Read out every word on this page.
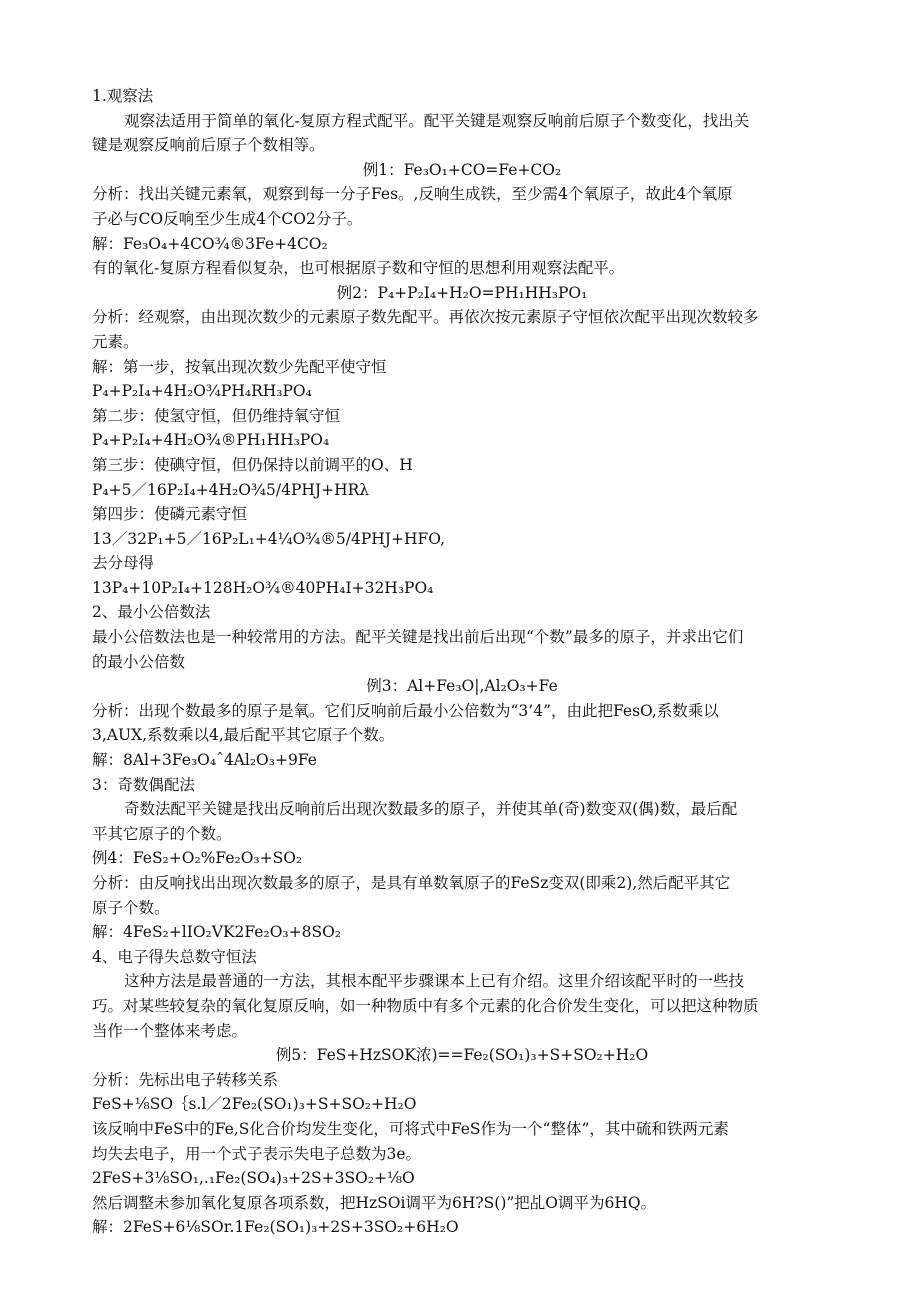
1.观察法
观察法适用于简单的氧化-复原方程式配平。配平关键是观察反响前后原子个数变化，找出关
键是观察反响前后原子个数相等。
例1：Fe₃O₁+CO=Fe+CO₂
分析：找出关键元素氧，观察到每一分子Fes。,反响生成铁，至少需4个氧原子，故此4个氧原
子必与CO反响至少生成4个CO2分子。
解：Fe₃O₄+4CO¾®3Fe+4CO₂
有的氧化-复原方程看似复杂，也可根据原子数和守恒的思想利用观察法配平。
例2：P₄+P₂I₄+H₂O=PH₁HH₃PO₁
分析：经观察，由出现次数少的元素原子数先配平。再依次按元素原子守恒依次配平出现次数较多
元素。
解：第一步，按氧出现次数少先配平使守恒
P₄+P₂I₄+4H₂O¾PH₄RH₃PO₄
第二步：使氢守恒，但仍维持氧守恒
P₄+P₂I₄+4H₂O¾®PH₁HH₃PO₄
第三步：使碘守恒，但仍保持以前调平的O、H
P₄+5／16P₂I₄+4H₂O¾5/4PHJ+HRλ
第四步：使磷元素守恒
13／32P₁+5／16P₂L₁+4¼O¾®5/4PHJ+HFO,
去分母得
13P₄+10P₂I₄+128H₂O¾®40PH₄I+32H₃PO₄
2、最小公倍数法
最小公倍数法也是一种较常用的方法。配平关键是找出前后出现“个数”最多的原子，并求出它们
的最小公倍数
例3：Al+Fe₃O|,Al₂O₃+Fe
分析：出现个数最多的原子是氧。它们反响前后最小公倍数为“3’4”，由此把FesO,系数乘以
3,AUX,系数乘以4,最后配平其它原子个数。
解：8Al+3Fe₃O₄ˆ4Al₂O₃+9Fe
3：奇数偶配法
奇数法配平关键是找出反响前后出现次数最多的原子，并使其单(奇)数变双(偶)数，最后配
平其它原子的个数。
例4：FeS₂+O₂%Fe₂O₃+SO₂
分析：由反响找出出现次数最多的原子，是具有单数氧原子的FeSz变双(即乘2),然后配平其它
原子个数。
解：4FeS₂+lIO₂VK2Fe₂O₃+8SO₂
4、电子得失总数守恒法
这种方法是最普通的一方法，其根本配平步骤课本上已有介绍。这里介绍该配平时的一些技
巧。对某些较复杂的氧化复原反响，如一种物质中有多个元素的化合价发生变化，可以把这种物质
当作一个整体来考虑。
例5：FeS+HzSOK浓)==Fe₂(SO₁)₃+S+SO₂+H₂O
分析：先标出电子转移关系
FeS+⅛SO｛s.l／2Fe₂(SO₁)₃+S+SO₂+H₂O
该反响中FeS中的Fe,S化合价均发生变化，可将式中FeS作为一个“整体”，其中硫和铁两元素
均失去电子，用一个式子表示失电子总数为3e。
2FeS+3⅛SO₁,.₁Fe₂(SO₄)₃+2S+3SO₂+⅛O
然后调整未参加氧化复原各项系数，把HzSOi调平为6H?S()”把乩O调平为6HQ。
解：2FeS+6⅛SOr.1Fe₂(SO₁)₃+2S+3SO₂+6H₂O
